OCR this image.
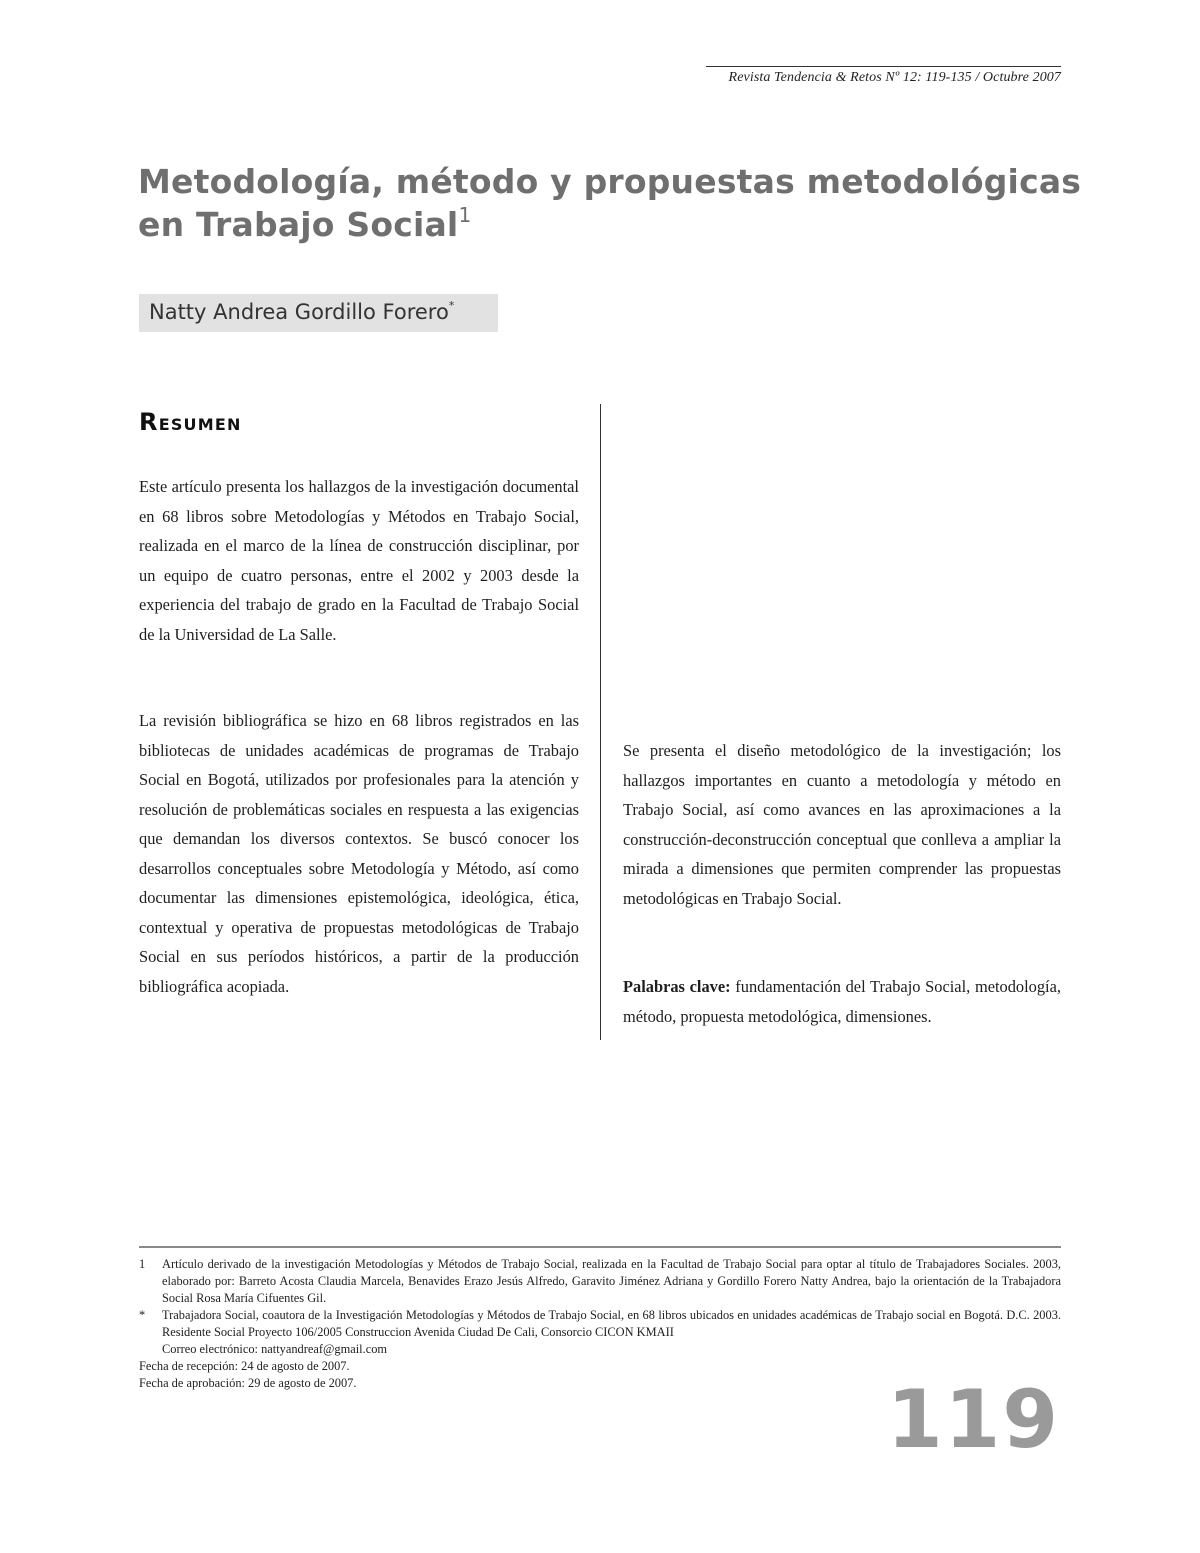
Revista Tendencia & Retos Nº 12: 119-135 / Octubre 2007
Metodología, método y propuestas metodológicas en Trabajo Social$^1$
Natty Andrea Gordillo Forero*
RESUMEN

Este artículo presenta los hallazgos de la investigación documental en 68 libros sobre Metodologías y Métodos en Trabajo Social, realizada en el marco de la línea de construcción disciplinar, por un equipo de cuatro personas, entre el 2002 y 2003 desde la experiencia del trabajo de grado en la Facultad de Trabajo Social de la Universidad de La Salle.

La revisión bibliográfica se hizo en 68 libros registrados en las bibliotecas de unidades académicas de programas de Trabajo Social en Bogotá, utilizados por profesionales para la atención y resolución de problemáticas sociales en respuesta a las exigencias que demandan los diversos contextos. Se buscó conocer los desarrollos conceptuales sobre Metodología y Método, así como documentar las dimensiones epistemológica, ideológica, ética, contextual y operativa de propuestas metodológicas de Trabajo Social en sus períodos históricos, a partir de la producción bibliográfica acopiada.

Se presenta el diseño metodológico de la investigación; los hallazgos importantes en cuanto a metodología y método en Trabajo Social, así como avances en las aproximaciones a la construcción-deconstrucción conceptual que conlleva a ampliar la mirada a dimensiones que permiten comprender las propuestas metodológicas en Trabajo Social.

Palabras clave: fundamentación del Trabajo Social, metodología, método, propuesta metodológica, dimensiones.

1	Artículo derivado de la investigación Metodologías y Métodos de Trabajo Social, realizada en la Facultad de Trabajo Social para optar al título de Trabajadores Sociales. 2003, elaborado por: Barreto Acosta Claudia Marcela, Benavides Erazo Jesús Alfredo, Garavito Jiménez Adriana y Gordillo Forero Natty Andrea, bajo la orientación de la Trabajadora Social Rosa María Cifuentes Gil.
*	Trabajadora Social, coautora de la Investigación Metodologías y Métodos de Trabajo Social, en 68 libros ubicados en unidades académicas de Trabajo social en Bogotá. D.C. 2003. Residente Social Proyecto 106/2005 Construccion Avenida Ciudad De Cali, Consorcio CICON KMAII
Correo electrónico: nattyandreaf@gmail.com
Fecha de recepción: 24 de agosto de 2007.
Fecha de aprobación: 29 de agosto de 2007.	119
